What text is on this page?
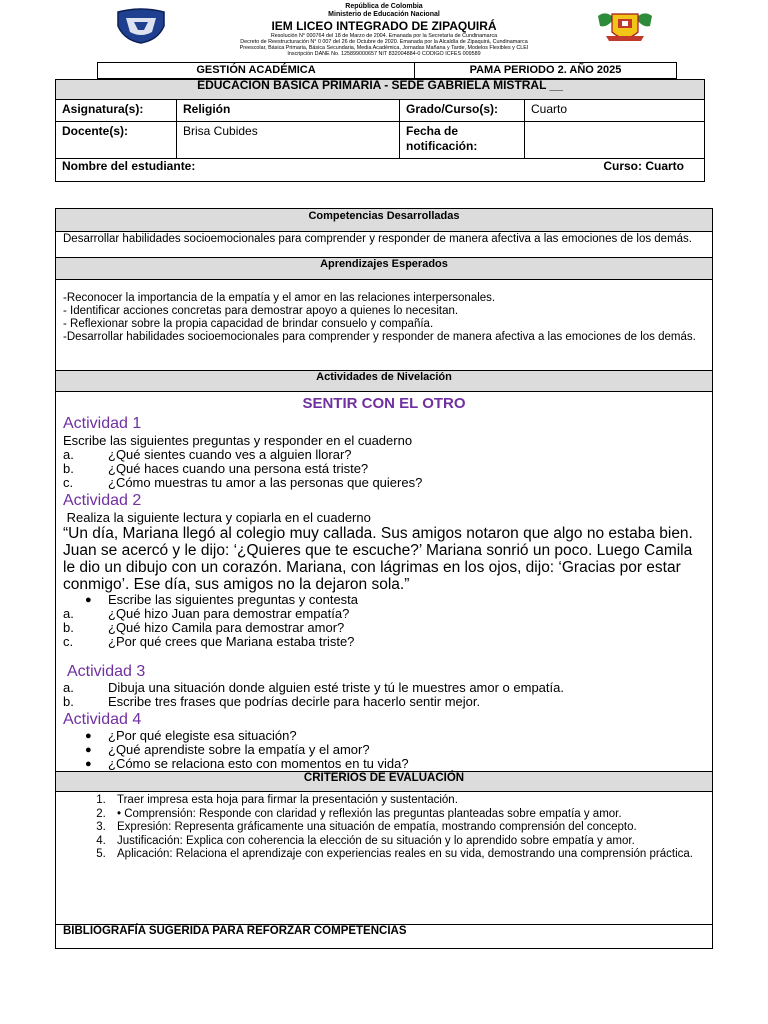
República de Colombia
Ministerio de Educación Nacional
IEM LICEO INTEGRADO DE ZIPAQUIRÁ
Resolución N° 000764 del 18 de Marzo de 2004. Emanada por la Secretaría de Cundinamarca
Decreto de Reestructuración N° 0 007 del 26 de Octubre de 2020. Emanada por la Alcaldía de Zipaquirá, Cundinamarca
Preescolar, Básica Primaria, Básica Secundaria, Media Académica, Jornadas Mañana y Tarde, Modelos Flexibles y CLEI
Inscripción DANE No. 125899000657 NIT 832004884-0 CODIGO ICFES 009589
GESTIÓN ACADÉMICA	PAMA PERIODO 2. AÑO 2025
EDUCACIÓN BÁSICA PRIMARIA - SEDE GABRIELA MISTRAL __			
Asignatura(s):	Religión	Grado/Curso(s):	Cuarto
Docente(s):	Brisa Cubides	Fecha de notificación:	

Nombre del estudiante: Curso: Cuarto			
Competencias Desarrolladas
Desarrollar habilidades socioemocionales para comprender y responder de manera afectiva a las emociones de los demás.
Aprendizajes Esperados

-Reconocer la importancia de la empatía y el amor en las relaciones interpersonales.
- Identificar acciones concretas para demostrar apoyo a quienes lo necesitan.
- Reflexionar sobre la propia capacidad de brindar consuelo y compañía.
-Desarrollar habilidades socioemocionales para comprender y responder de manera afectiva a las emociones de los demás.

Actividades de Nivelación

SENTIR CON EL OTRO
Actividad 1
Escribe las siguientes preguntas y responder en el cuaderno
a.	¿Qué sientes cuando ves a alguien llorar?
b.	¿Qué haces cuando una persona está triste?
c.	¿Cómo muestras tu amor a las personas que quieres?
Actividad 2
Realiza la siguiente lectura y copiarla en el cuaderno
“Un día, Mariana llegó al colegio muy callada. Sus amigos notaron que algo no estaba bien. Juan se acercó y le dijo: ‘¿Quieres que te escuche?’ Mariana sonrió un poco. Luego Camila le dio un dibujo con un corazón. Mariana, con lágrimas en los ojos, dijo: ‘Gracias por estar conmigo’. Ese día, sus amigos no la dejaron sola.”
●	Escribe las siguientes preguntas y contesta
a.	¿Qué hizo Juan para demostrar empatía?
b.	¿Qué hizo Camila para demostrar amor?
c.	¿Por qué crees que Mariana estaba triste?
Actividad 3
a.	Dibuja una situación donde alguien esté triste y tú le muestres amor o empatía.
b.	Escribe tres frases que podrías decirle para hacerlo sentir mejor.
Actividad 4
●	¿Por qué elegiste esa situación?
●	¿Qué aprendiste sobre la empatía y el amor?
●	¿Cómo se relaciona esto con momentos en tu vida?

CRITERIOS DE EVALUACIÓN

1. Traer impresa esta hoja para firmar la presentación y sustentación.
2. • Comprensión: Responde con claridad y reflexión las preguntas planteadas sobre empatía y amor.
3. Expresión: Representa gráficamente una situación de empatía, mostrando comprensión del concepto.
4. Justificación: Explica con coherencia la elección de su situación y lo aprendido sobre empatía y amor.
5. Aplicación: Relaciona el aprendizaje con experiencias reales en su vida, demostrando una comprensión práctica.

BIBLIOGRAFÍA SUGERIDA PARA REFORZAR COMPETENCIAS
